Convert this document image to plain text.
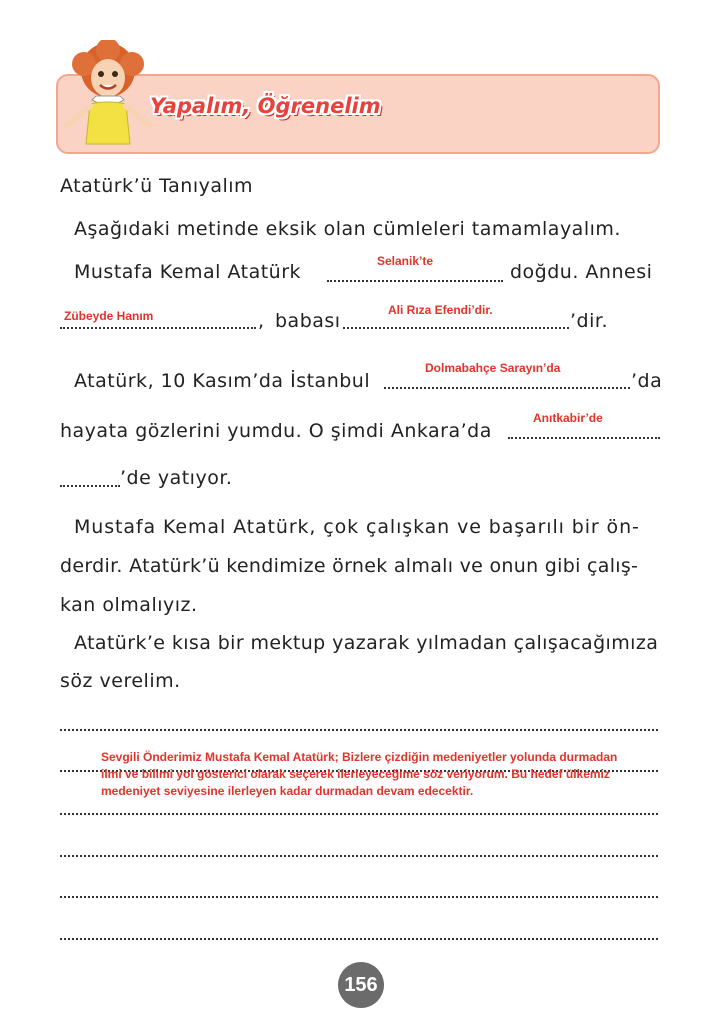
Yapalım, Öğrenelim
Atatürk’ü Tanıyalım
Aşağıdaki metinde eksik olan cümleleri tamamlayalım.
Mustafa Kemal Atatürk	Selanik’te	doğdu. Annesi
Zübeyde Hanım	, babası	Ali Rıza Efendi’dir.	’dir.
Atatürk, 10 Kasım’da İstanbul
Dolmabahçe Sarayın’da
’da
hayata gözlerini yumdu. O şimdi Ankara’da
Anıtkabir’de
’de yatıyor.
Mustafa Kemal Atatürk, çok çalışkan ve başarılı bir ön-
derdir. Atatürk’ü kendimize örnek almalı ve onun gibi çalış-
kan olmalıyız.
Atatürk’e kısa bir mektup yazarak yılmadan çalışacağımıza
söz verelim.
Sevgili Önderimiz Mustafa Kemal Atatürk; Bizlere çizdiğin medeniyetler yolunda durmadan ilmi ve bilimi yol gösterici olarak seçerek ilerleyeceğime söz veriyorum. Bu hedef ülkemiz medeniyet seviyesine ilerleyen kadar durmadan devam edecektir.
156
